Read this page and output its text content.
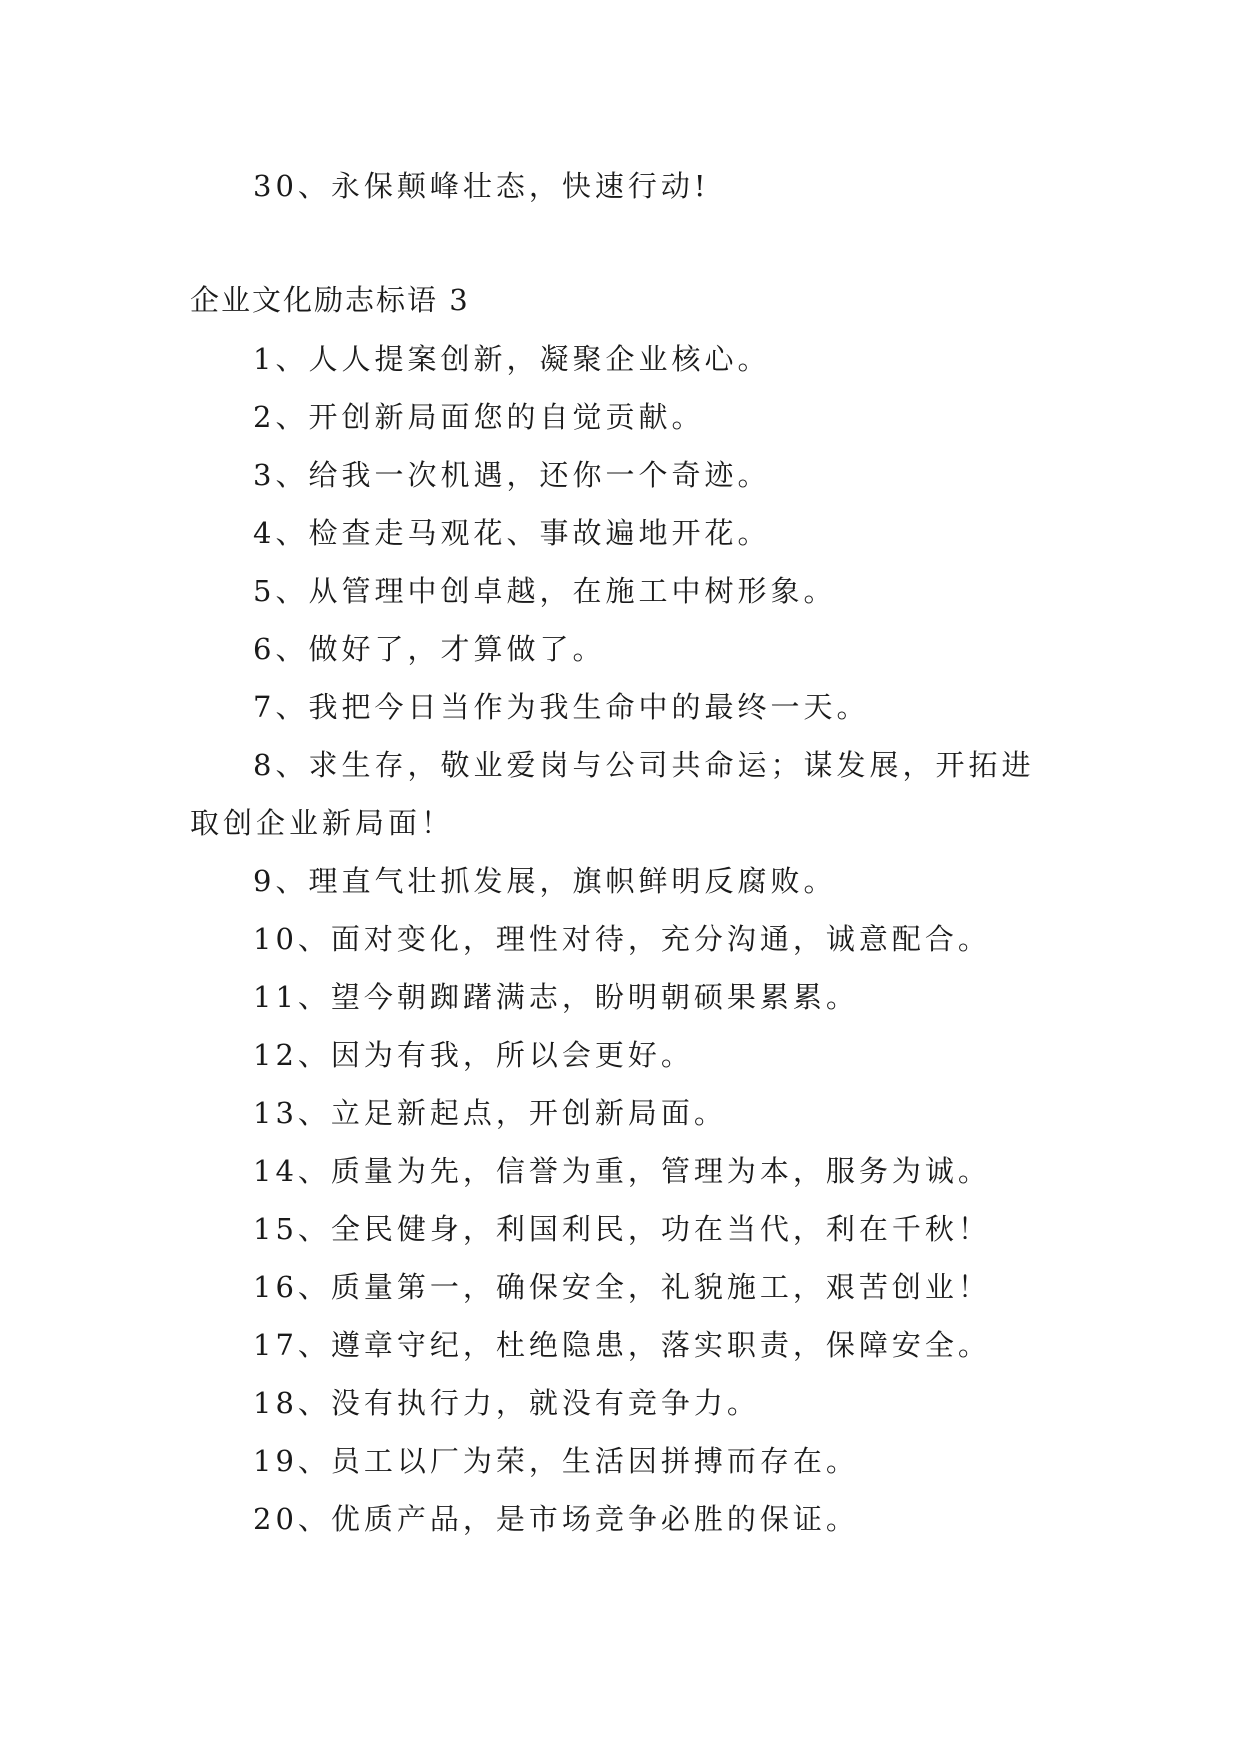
30、永保颠峰壮态，快速行动!

企业文化励志标语 3

1、人人提案创新，凝聚企业核心。

2、开创新局面您的自觉贡献。

3、给我一次机遇，还你一个奇迹。

4、检查走马观花、事故遍地开花。

5、从管理中创卓越，在施工中树形象。

6、做好了，才算做了。

7、我把今日当作为我生命中的最终一天。

8、求生存，敬业爱岗与公司共命运；谋发展，开拓进

取创企业新局面！

9、理直气壮抓发展，旗帜鲜明反腐败。

10、面对变化，理性对待，充分沟通，诚意配合。

11、望今朝踟躇满志，盼明朝硕果累累。

12、因为有我，所以会更好。

13、立足新起点，开创新局面。

14、质量为先，信誉为重，管理为本，服务为诚。

15、全民健身，利国利民，功在当代，利在千秋！

16、质量第一，确保安全，礼貌施工，艰苦创业！

17、遵章守纪，杜绝隐患，落实职责，保障安全。

18、没有执行力，就没有竞争力。

19、员工以厂为荣，生活因拼搏而存在。

20、优质产品，是市场竞争必胜的保证。
